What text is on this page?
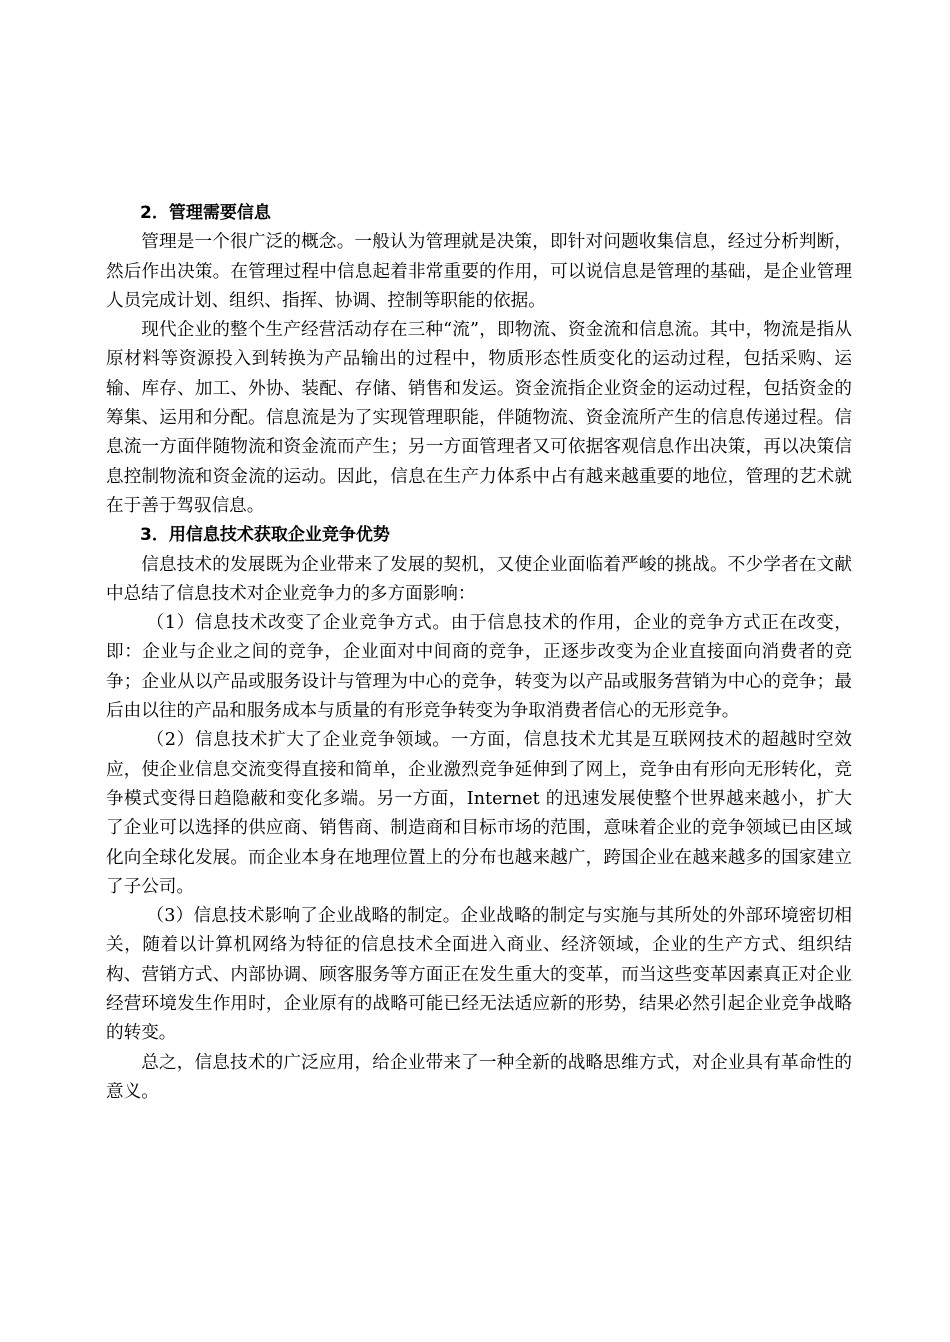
2．管理需要信息

管理是一个很广泛的概念。一般认为管理就是决策，即针对问题收集信息，经过分析判断，然后作出决策。在管理过程中信息起着非常重要的作用，可以说信息是管理的基础，是企业管理人员完成计划、组织、指挥、协调、控制等职能的依据。

现代企业的整个生产经营活动存在三种“流”，即物流、资金流和信息流。其中，物流是指从原材料等资源投入到转换为产品输出的过程中，物质形态性质变化的运动过程，包括采购、运输、库存、加工、外协、装配、存储、销售和发运。资金流指企业资金的运动过程，包括资金的筹集、运用和分配。信息流是为了实现管理职能，伴随物流、资金流所产生的信息传递过程。信息流一方面伴随物流和资金流而产生；另一方面管理者又可依据客观信息作出决策，再以决策信息控制物流和资金流的运动。因此，信息在生产力体系中占有越来越重要的地位，管理的艺术就在于善于驾驭信息。

3．用信息技术获取企业竞争优势

信息技术的发展既为企业带来了发展的契机，又使企业面临着严峻的挑战。不少学者在文献中总结了信息技术对企业竞争力的多方面影响：

（1）信息技术改变了企业竞争方式。由于信息技术的作用，企业的竞争方式正在改变，即：企业与企业之间的竞争，企业面对中间商的竞争，正逐步改变为企业直接面向消费者的竞争；企业从以产品或服务设计与管理为中心的竞争，转变为以产品或服务营销为中心的竞争；最后由以往的产品和服务成本与质量的有形竞争转变为争取消费者信心的无形竞争。

（2）信息技术扩大了企业竞争领域。一方面，信息技术尤其是互联网技术的超越时空效应，使企业信息交流变得直接和简单，企业激烈竞争延伸到了网上，竞争由有形向无形转化，竞争模式变得日趋隐蔽和变化多端。另一方面，Internet 的迅速发展使整个世界越来越小，扩大了企业可以选择的供应商、销售商、制造商和目标市场的范围，意味着企业的竞争领域已由区域化向全球化发展。而企业本身在地理位置上的分布也越来越广，跨国企业在越来越多的国家建立了子公司。

（3）信息技术影响了企业战略的制定。企业战略的制定与实施与其所处的外部环境密切相关，随着以计算机网络为特征的信息技术全面进入商业、经济领域，企业的生产方式、组织结构、营销方式、内部协调、顾客服务等方面正在发生重大的变革，而当这些变革因素真正对企业经营环境发生作用时，企业原有的战略可能已经无法适应新的形势，结果必然引起企业竞争战略的转变。

总之，信息技术的广泛应用，给企业带来了一种全新的战略思维方式，对企业具有革命性的意义。
